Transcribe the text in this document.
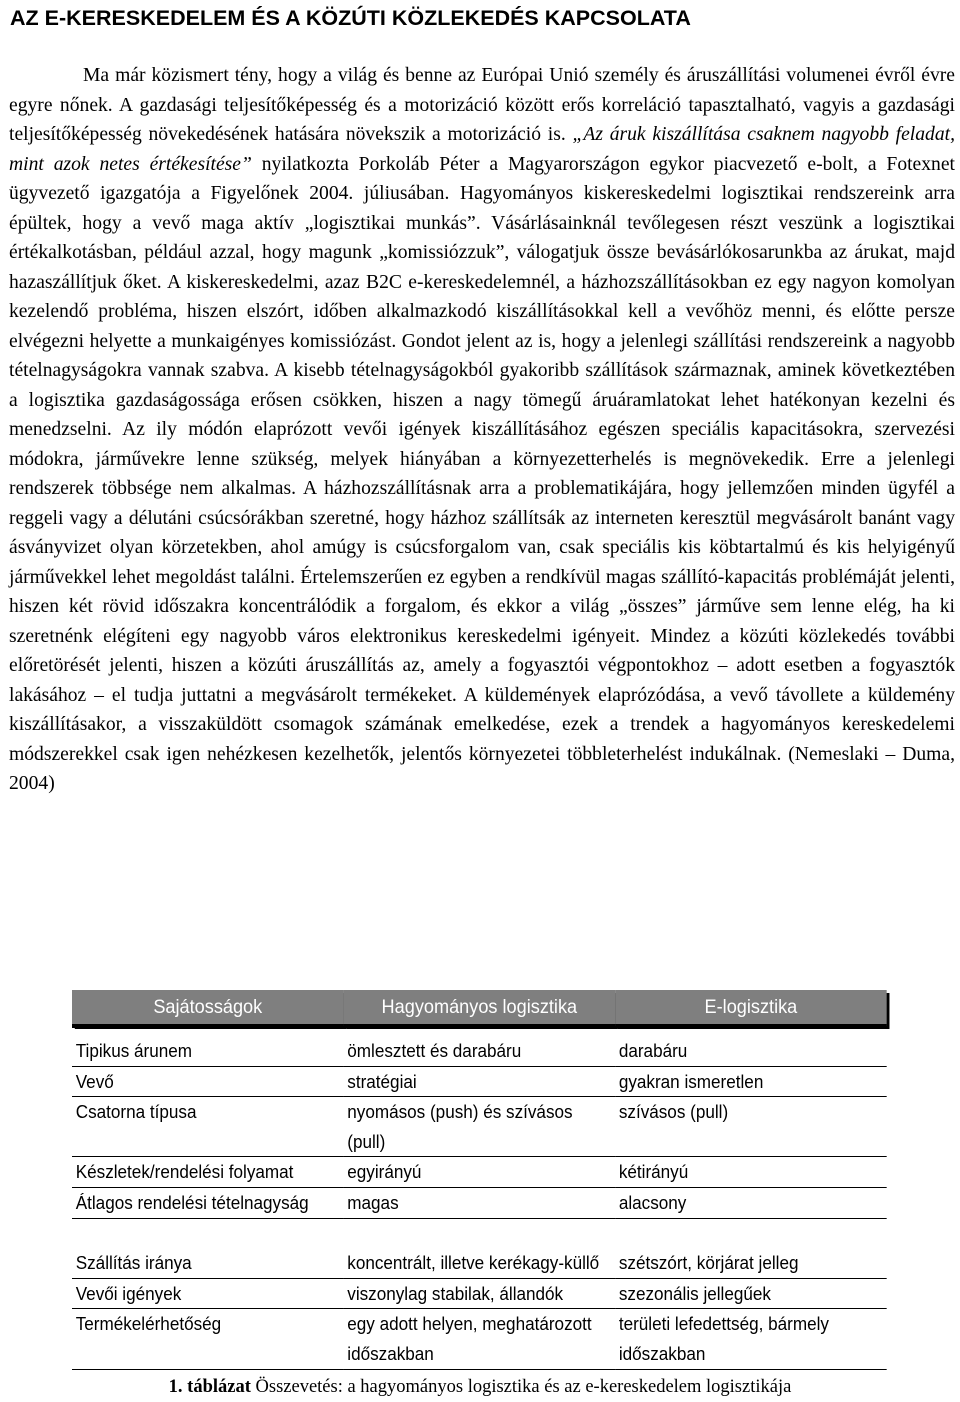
AZ E-KERESKEDELEM ÉS A KÖZÚTI KÖZLEKEDÉS KAPCSOLATA

Ma már közismert tény, hogy a világ és benne az Európai Unió személy és áruszállítási volumenei évről évre egyre nőnek. A gazdasági teljesítőképesség és a motorizáció között erős korreláció tapasztalható, vagyis a gazdasági teljesítőképesség növekedésének hatására növekszik a motorizáció is. „Az áruk kiszállítása csaknem nagyobb feladat, mint azok netes értékesítése” nyilatkozta Porkoláb Péter a Magyarországon egykor piacvezető e-bolt, a Fotexnet ügyvezető igazgatója a Figyelőnek 2004. júliusában. Hagyományos kiskereskedelmi logisztikai rendszereink arra épültek, hogy a vevő maga aktív „logisztikai munkás”. Vásárlásainknál tevőlegesen részt veszünk a logisztikai értékalkotásban, például azzal, hogy magunk „komissiózzuk”, válogatjuk össze bevásárlókosarunkba az árukat, majd hazaszállítjuk őket. A kiskereskedelmi, azaz B2C e-kereskedelemnél, a házhozszállításokban ez egy nagyon komolyan kezelendő probléma, hiszen elszórt, időben alkalmazkodó kiszállításokkal kell a vevőhöz menni, és előtte persze elvégezni helyette a munkaigényes komissiózást. Gondot jelent az is, hogy a jelenlegi szállítási rendszereink a nagyobb tételnagyságokra vannak szabva. A kisebb tételnagyságokból gyakoribb szállítások származnak, aminek következtében a logisztika gazdaságossága erősen csökken, hiszen a nagy tömegű áruáramlatokat lehet hatékonyan kezelni és menedzselni. Az ily módón elaprózott vevői igények kiszállításához egészen speciális kapacitásokra, szervezési módokra, járművekre lenne szükség, melyek hiányában a környezetterhelés is megnövekedik. Erre a jelenlegi rendszerek többsége nem alkalmas. A házhozszállításnak arra a problematikájára, hogy jellemzően minden ügyfél a reggeli vagy a délutáni csúcsórákban szeretné, hogy házhoz szállítsák az interneten keresztül megvásárolt banánt vagy ásványvizet olyan körzetekben, ahol amúgy is csúcsforgalom van, csak speciális kis köbtartalmú és kis helyigényű járművekkel lehet megoldást találni. Értelemszerűen ez egyben a rendkívül magas szállító-kapacitás problémáját jelenti, hiszen két rövid időszakra koncentrálódik a forgalom, és ekkor a világ „összes” járműve sem lenne elég, ha ki szeretnénk elégíteni egy nagyobb város elektronikus kereskedelmi igényeit. Mindez a közúti közlekedés további előretörését jelenti, hiszen a közúti áruszállítás az, amely a fogyasztói végpontokhoz – adott esetben a fogyasztók lakásához – el tudja juttatni a megvásárolt termékeket. A küldemények elaprózódása, a vevő távollete a küldemény kiszállításakor, a visszaküldött csomagok számának emelkedése, ezek a trendek a hagyományos kereskedelemi módszerekkel csak igen nehézkesen kezelhetők, jelentős környezetei többleterhelést indukálnak. (Nemeslaki – Duma, 2004)

Sajátosságok	Hagyományos logisztika	E-logisztika

Tipikus árunem	ömlesztett és darabáru	darabáru
Vevő	stratégiai	gyakran ismeretlen
Csatorna típusa	nyomásos (push) és szívásos (pull)	szívásos (pull)
Készletek/rendelési folyamat	egyirányú	kétirányú
Átlagos rendelési tételnagyság	magas	alacsony

Szállítás iránya	koncentrált, illetve kerékagy-küllő	szétszórt, körjárat jelleg
Vevői igények	viszonylag stabilak, állandók	szezonális jellegűek
Termékelérhetőség	egy adott helyen, meghatározott időszakban	területi lefedettség, bármely időszakban

1. táblázat Összevetés: a hagyományos logisztika és az e-kereskedelem logisztikája
